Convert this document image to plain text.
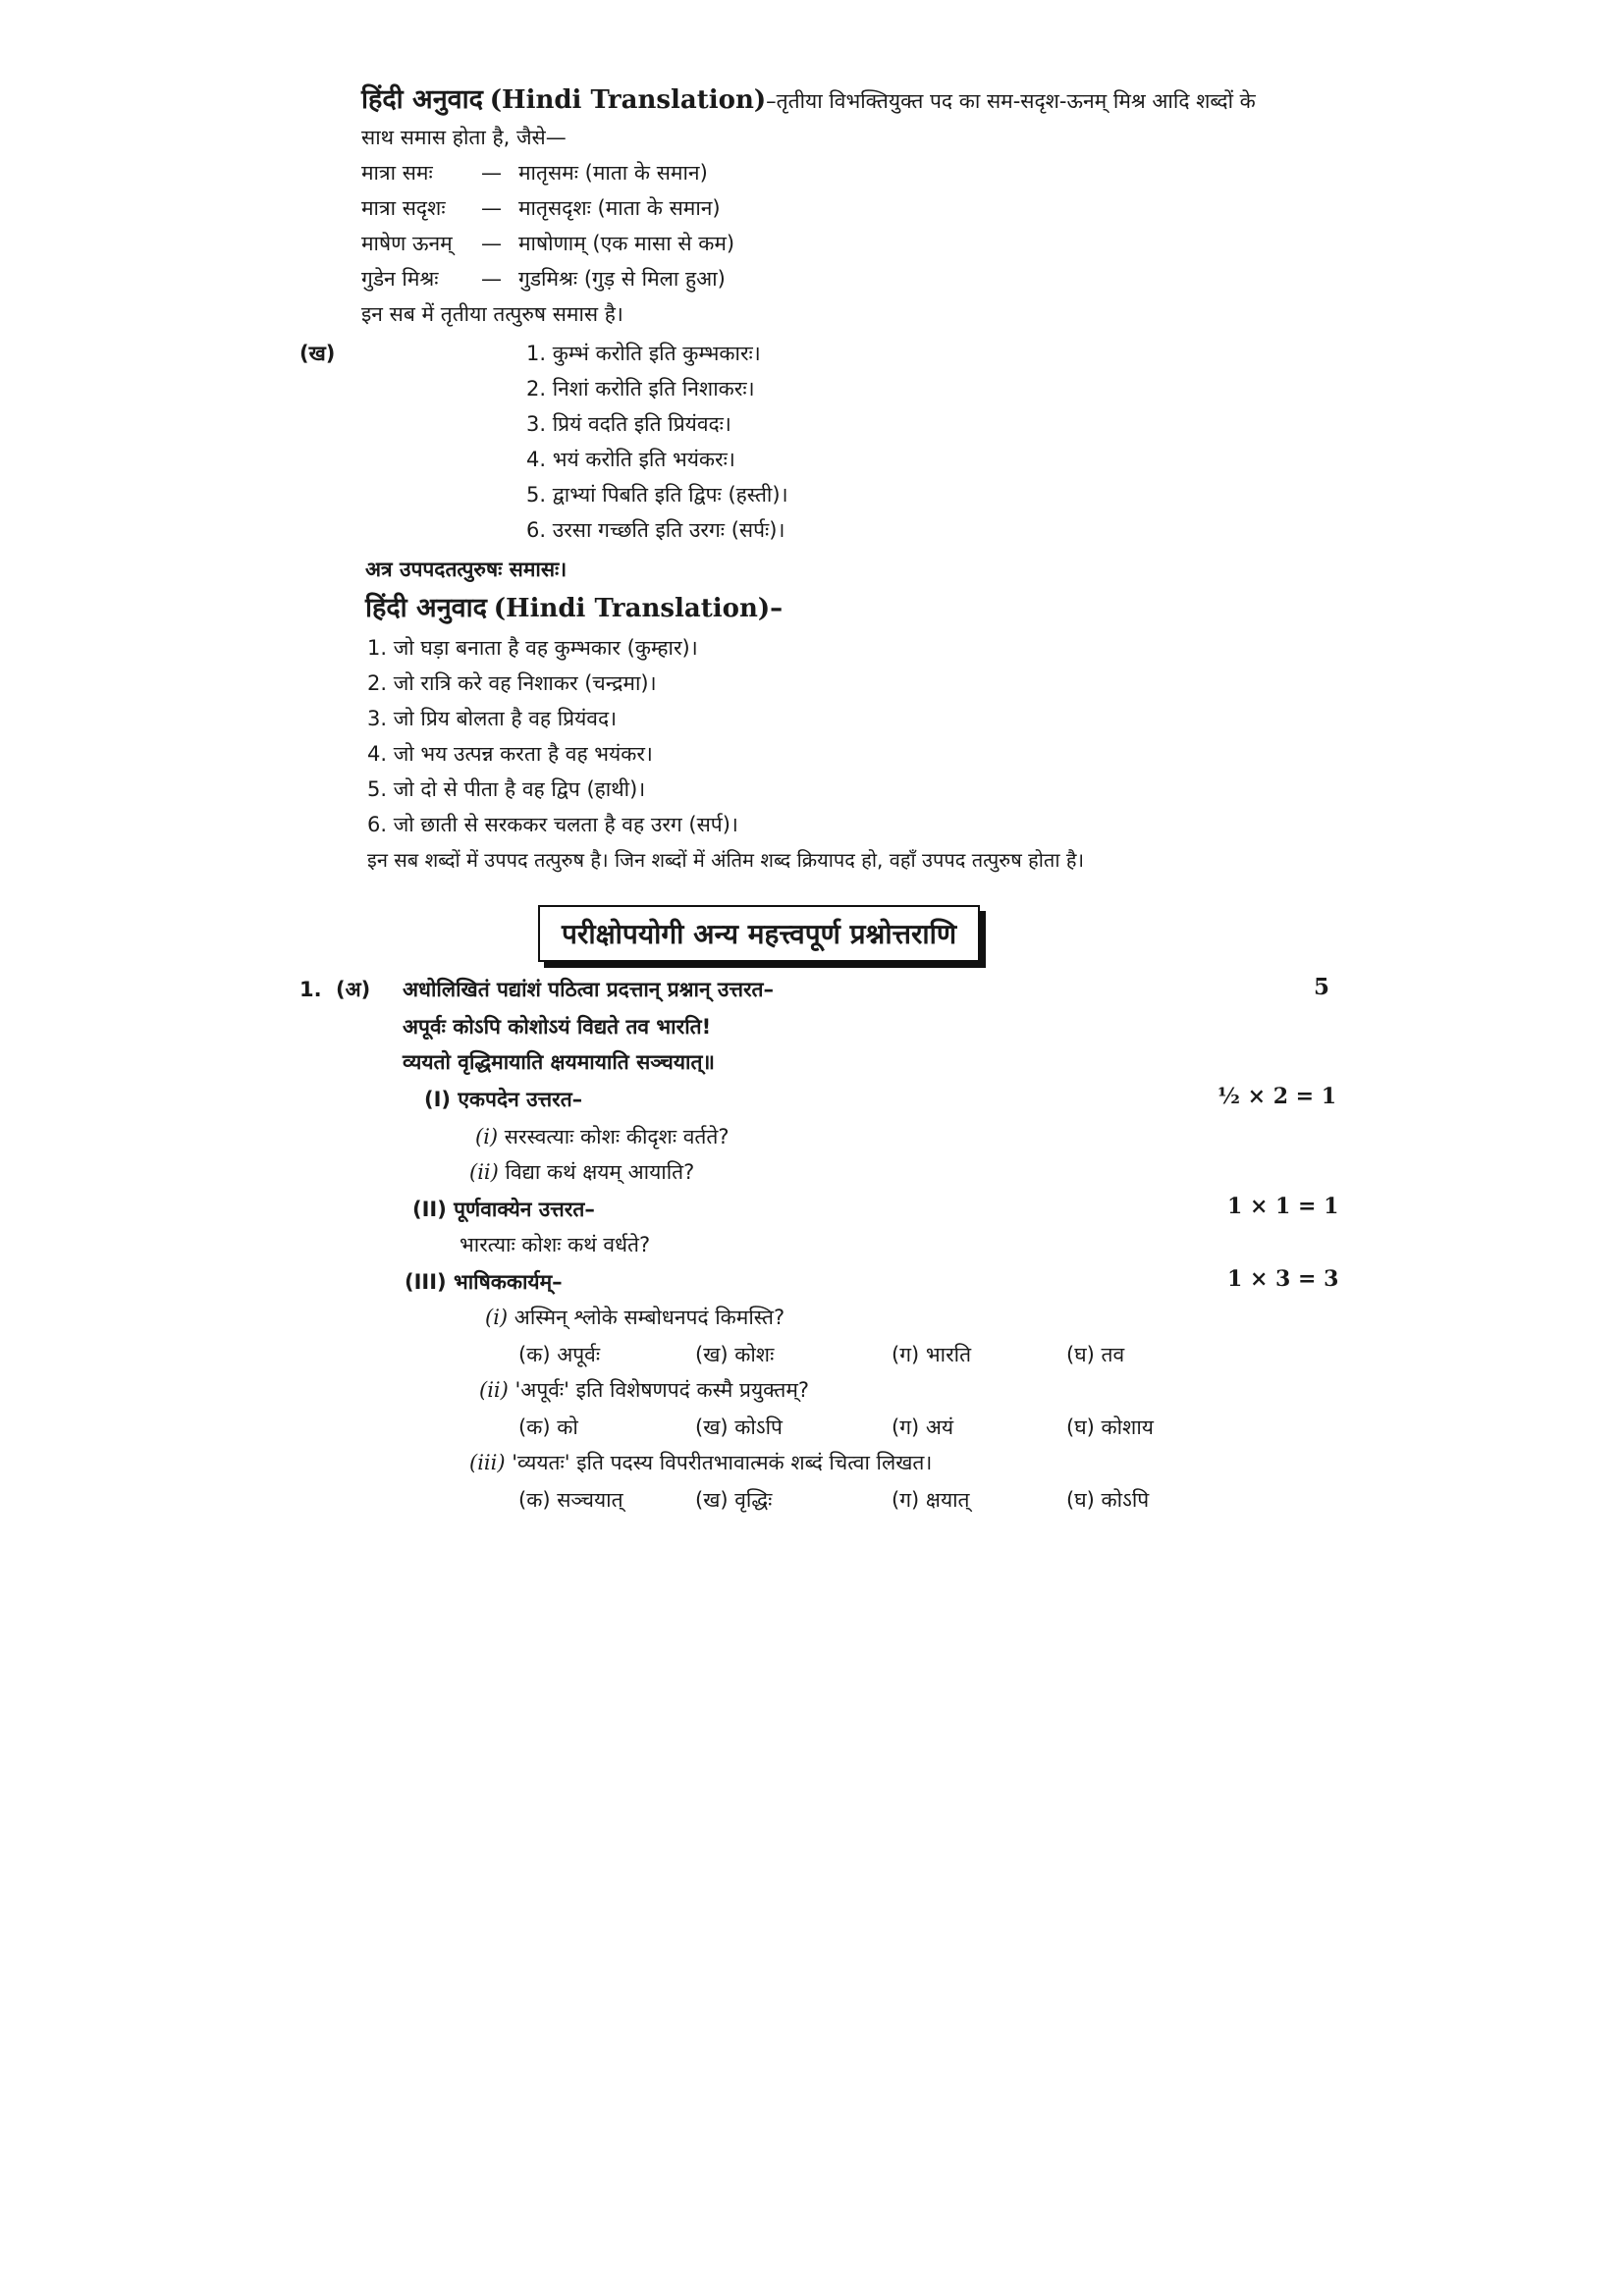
हिंदी अनुवाद (Hindi Translation)–तृतीया विभक्तियुक्त पद का सम-सदृश-ऊनम् मिश्र आदि शब्दों के
साथ समास होता है, जैसे—
मात्रा समः — मातृसमः (माता के समान)
मात्रा सदृशः — मातृसदृशः (माता के समान)
माषेण ऊनम् — माषोणाम् (एक मासा से कम)
गुडेन मिश्रः — गुडमिश्रः (गुड़ से मिला हुआ)
इन सब में तृतीया तत्पुरुष समास है।
(ख)	1. कुम्भं करोति इति कुम्भकारः।
2. निशां करोति इति निशाकरः।
3. प्रियं वदति इति प्रियंवदः।
4. भयं करोति इति भयंकरः।
5. द्वाभ्यां पिबति इति द्विपः (हस्ती)।
6. उरसा गच्छति इति उरगः (सर्पः)।
अत्र उपपदतत्पुरुषः समासः।
हिंदी अनुवाद (Hindi Translation)–
1. जो घड़ा बनाता है वह कुम्भकार (कुम्हार)।
2. जो रात्रि करे वह निशाकर (चन्द्रमा)।
3. जो प्रिय बोलता है वह प्रियंवद।
4. जो भय उत्पन्न करता है वह भयंकर।
5. जो दो से पीता है वह द्विप (हाथी)।
6. जो छाती से सरककर चलता है वह उरग (सर्प)।
इन सब शब्दों में उपपद तत्पुरुष है। जिन शब्दों में अंतिम शब्द क्रियापद हो, वहाँ उपपद तत्पुरुष होता है।
परीक्षोपयोगी अन्य महत्त्वपूर्ण प्रश्नोत्तराणि
1. (अ) अधोलिखितं पद्यांशं पठित्वा प्रदत्तान् प्रश्नान् उत्तरत–	5
अपूर्वः कोऽपि कोशोऽयं विद्यते तव भारति!
व्ययतो वृद्धिमायाति क्षयमायाति सञ्चयात्॥
(I) एकपदेन उत्तरत–	½ × 2 = 1
(i) सरस्वत्याः कोशः कीदृशः वर्तते?
(ii) विद्या कथं क्षयम् आयाति?
(II) पूर्णवाक्येन उत्तरत–	1 × 1 = 1
भारत्याः कोशः कथं वर्धते?
(III) भाषिककार्यम्–	1 × 3 = 3
(i) अस्मिन् श्लोके सम्बोधनपदं किमस्ति?
(क) अपूर्वः	(ख) कोशः	(ग) भारति	(घ) तव
(ii) 'अपूर्वः' इति विशेषणपदं कस्मै प्रयुक्तम्?
(क) को	(ख) कोऽपि	(ग) अयं	(घ) कोशाय
(iii) 'व्ययतः' इति पदस्य विपरीतभावात्मकं शब्दं चित्वा लिखत।
(क) सञ्चयात्	(ख) वृद्धिः	(ग) क्षयात्	(घ) कोऽपि
